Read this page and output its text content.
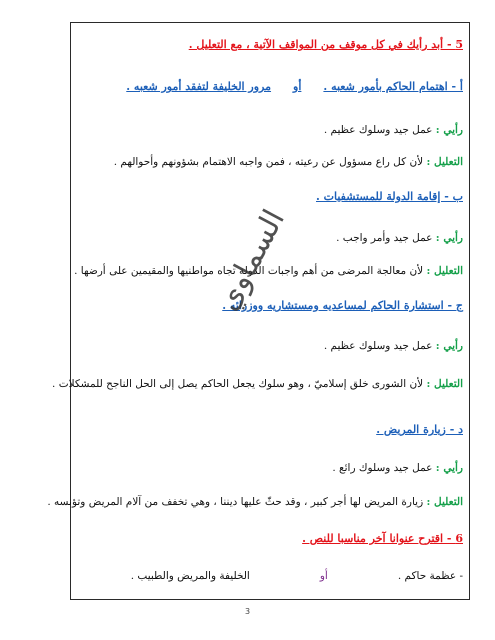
5 - أبد رأيك في كل موقف من المواقف الآتية ، مع التعليل .
أ - اهتمام الحاكم بأمور شعبه .أومرور الخليفة لتفقد أمور شعبه .
رأيي : عمل جيد وسلوك عظيم .
التعليل : لأن كل راع مسؤول عن رعيته ، فمن واجبه الاهتمام بشؤونهم وأحوالهم .
ب - إقامة الدولة للمستشفيات .
رأيي : عمل جيد وأمر واجب .
التعليل : لأن معالجة المرضى من أهم واجبات الدولة تجاه مواطنيها والمقيمين على أرضها .
ج - استشارة الحاكم لمساعديه ومستشاريه ووزرائه .
رأيي : عمل جيد وسلوك عظيم .
التعليل : لأن الشورى خلق إسلاميّ ، وهو سلوك يجعل الحاكم يصل إلى الحل الناجح للمشكلات .
د - زيارة المريض .
رأيي : عمل جيد وسلوك رائع .
التعليل : زيارة المريض لها أجر كبير ، وقد حثّ عليها ديننا ، وهي تخفف من آلام المريض وتؤنسه .
6 - اقترح عنوانا آخر مناسبا للنص .
- عظمة حاكم .أوالخليفة والمريض والطبيب .
السماوي
3
